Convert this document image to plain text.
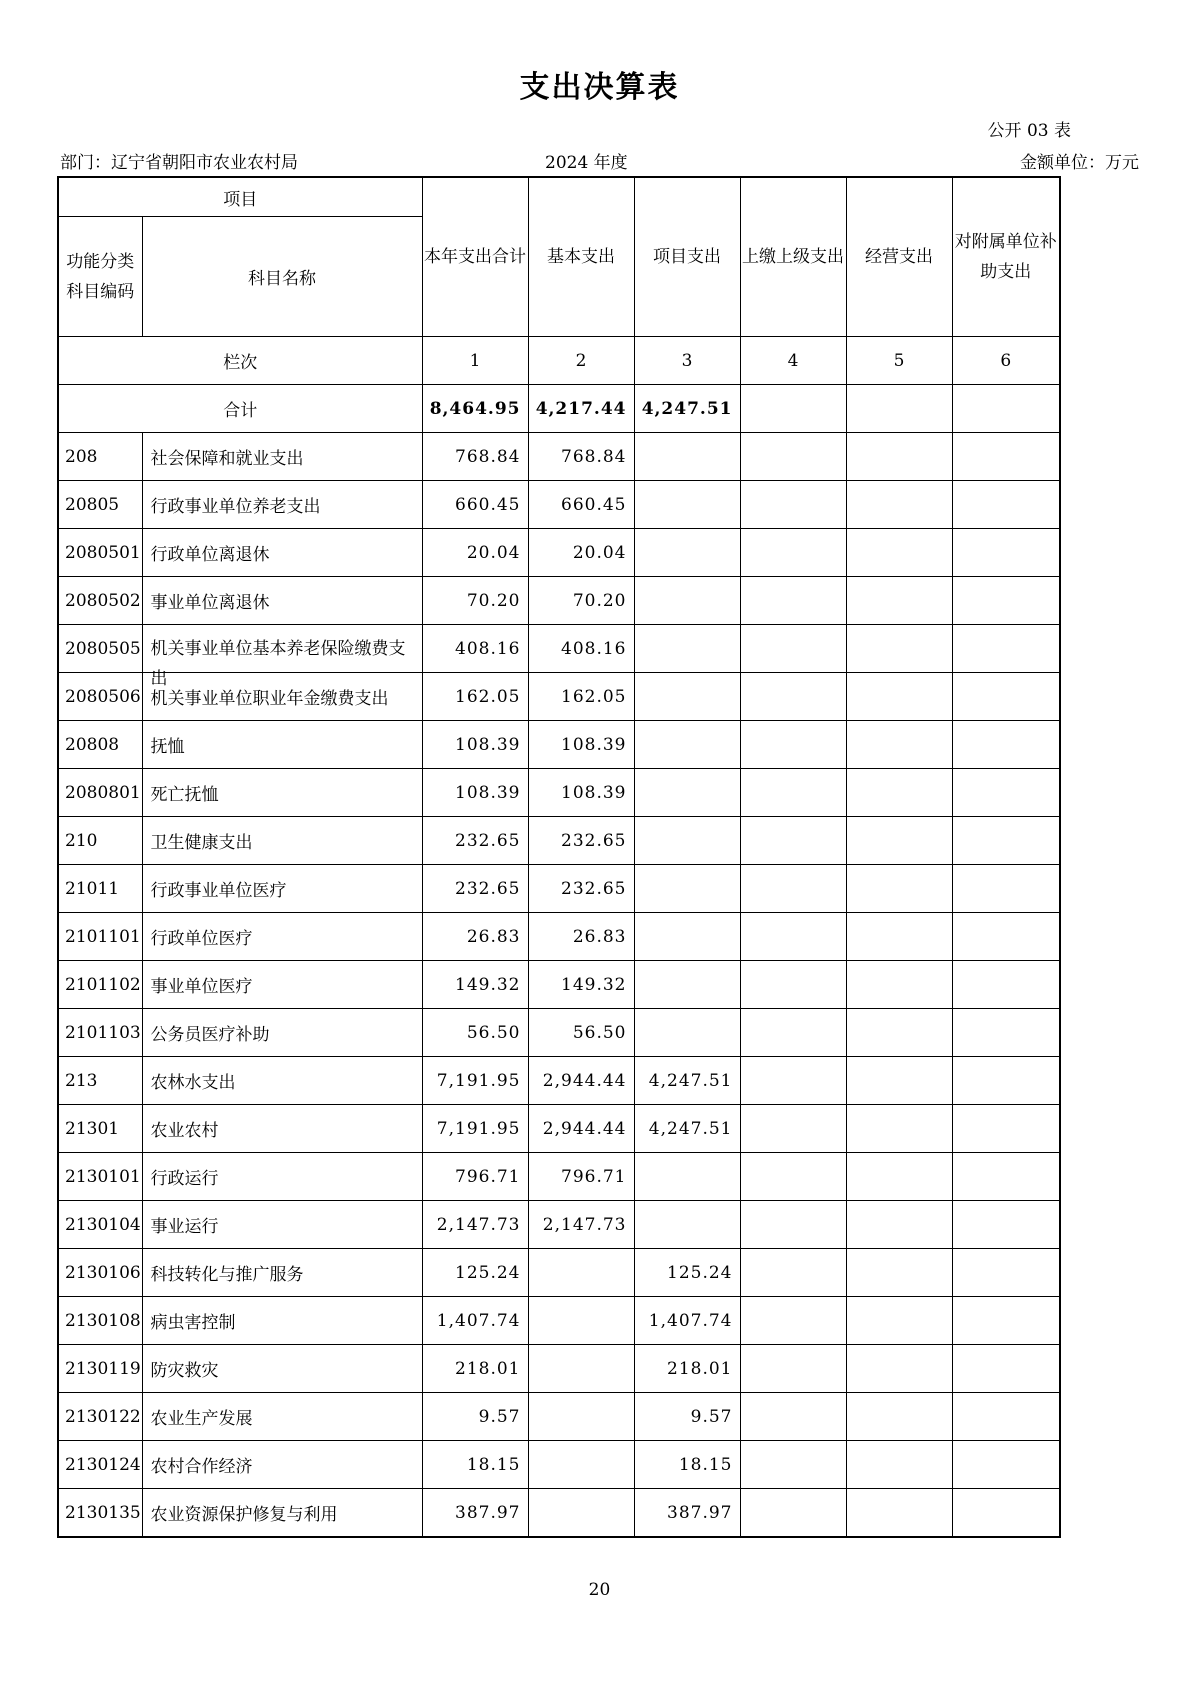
支出决算表
公开 03 表
部门：辽宁省朝阳市农业农村局	2024 年度	金额单位：万元
项目		本年支出合计	基本支出	项目支出	上缴上级支出	经营支出	对附属单位补助支出
功能分类科目编码	科目名称						
栏次		1	2	3	4	5	6
合计		8,464.95	4,217.44	4,247.51			
208	社会保障和就业支出	768.84	768.84				
20805	行政事业单位养老支出	660.45	660.45				
2080501	行政单位离退休	20.04	20.04				
2080502	事业单位离退休	70.20	70.20				
2080505	机关事业单位基本养老保险缴费支出	408.16	408.16				
2080506	机关事业单位职业年金缴费支出	162.05	162.05				
20808	抚恤	108.39	108.39				
2080801	死亡抚恤	108.39	108.39				
210	卫生健康支出	232.65	232.65				
21011	行政事业单位医疗	232.65	232.65				
2101101	行政单位医疗	26.83	26.83				
2101102	事业单位医疗	149.32	149.32				
2101103	公务员医疗补助	56.50	56.50				
213	农林水支出	7,191.95	2,944.44	4,247.51			
21301	农业农村	7,191.95	2,944.44	4,247.51			
2130101	行政运行	796.71	796.71				
2130104	事业运行	2,147.73	2,147.73				
2130106	科技转化与推广服务	125.24		125.24			
2130108	病虫害控制	1,407.74		1,407.74			
2130119	防灾救灾	218.01		218.01			
2130122	农业生产发展	9.57		9.57			
2130124	农村合作经济	18.15		18.15			
2130135	农业资源保护修复与利用	387.97		387.97			
20
